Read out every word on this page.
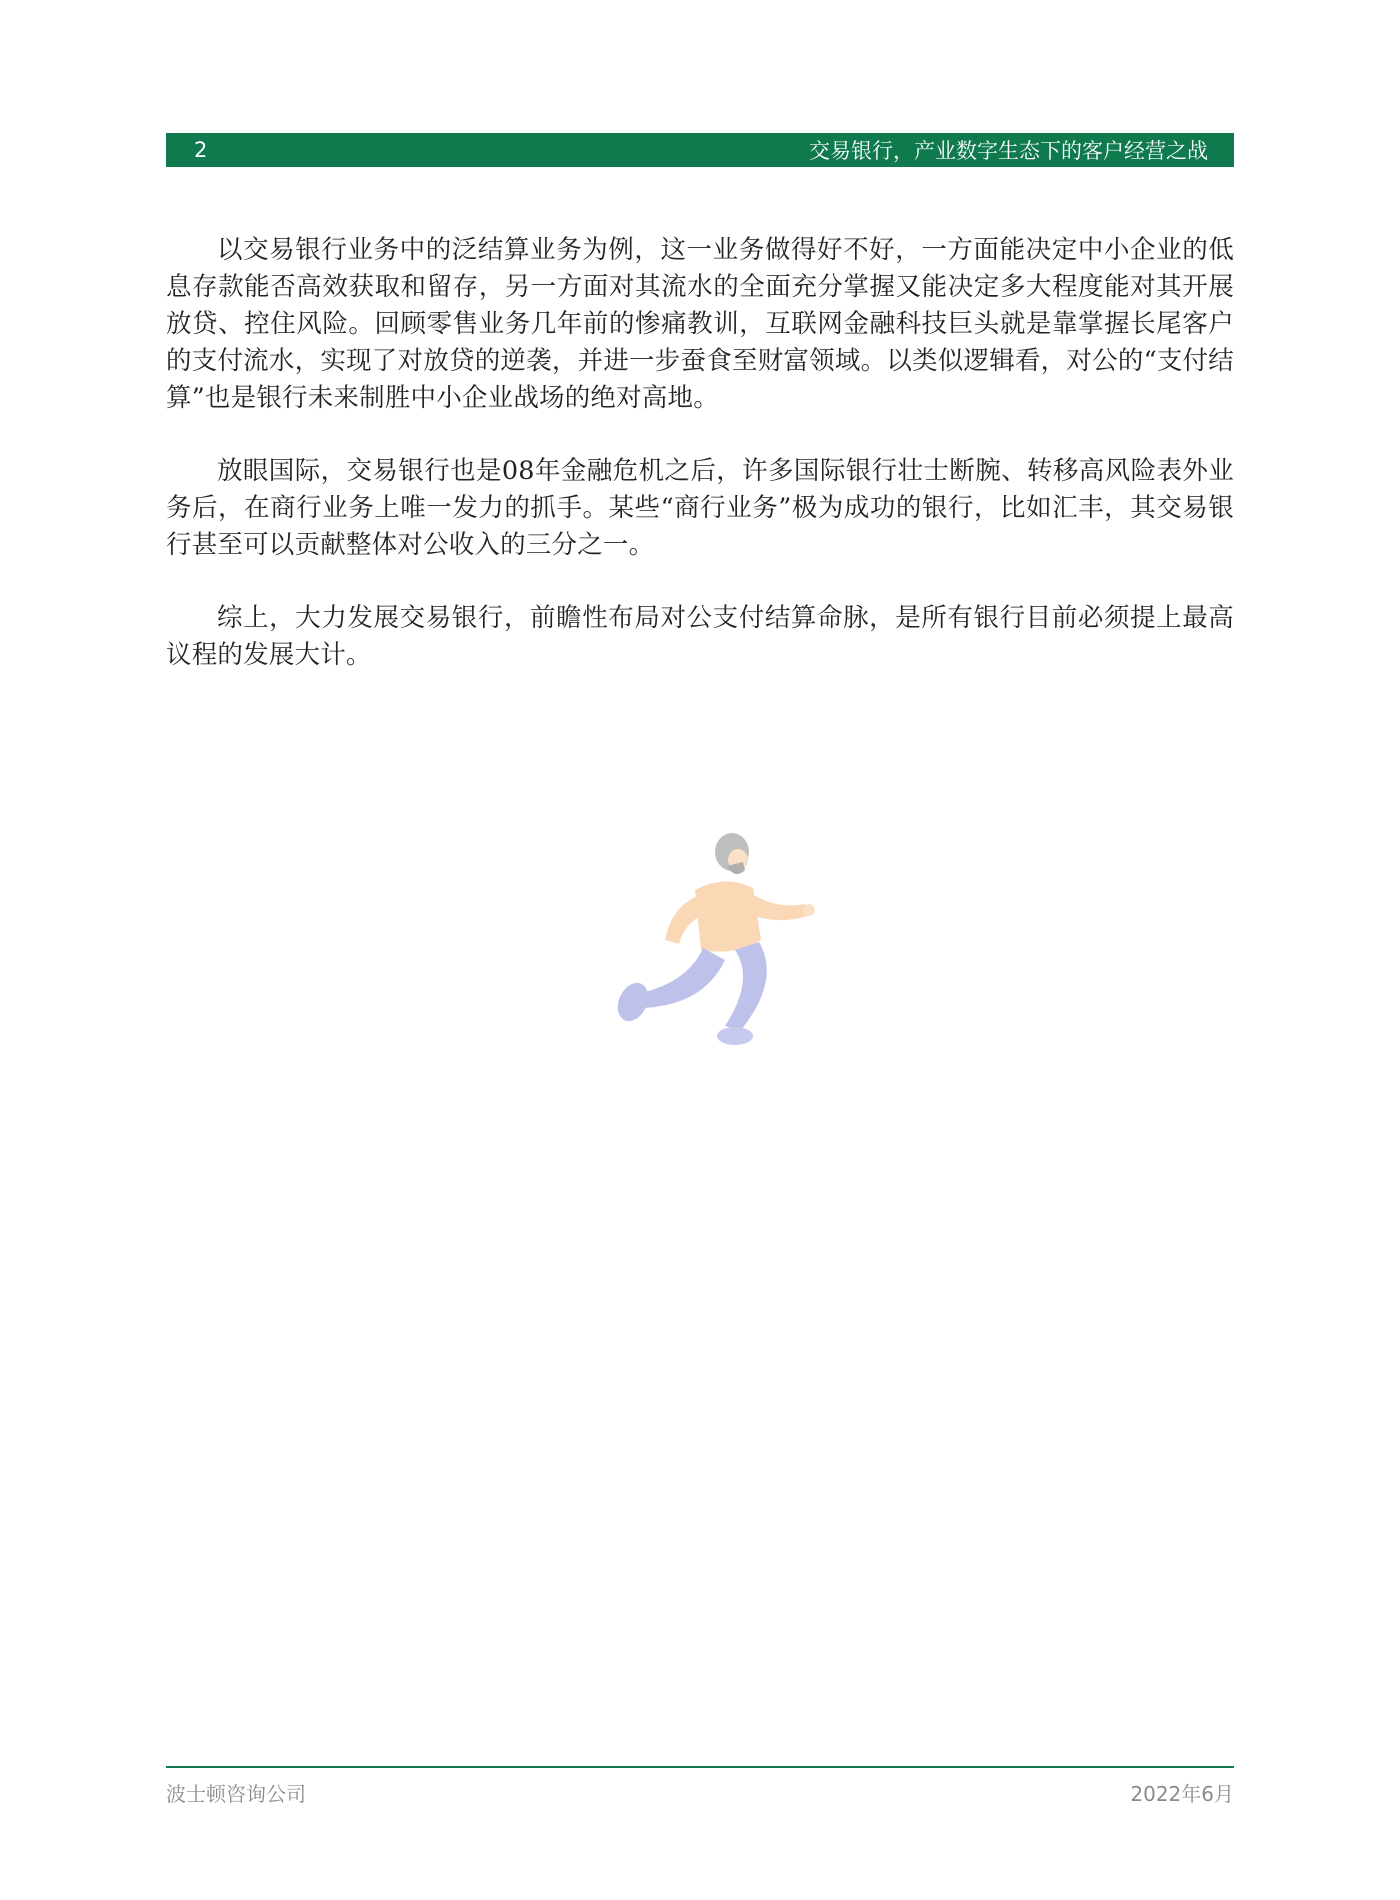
2	交易银行，产业数字生态下的客户经营之战

以交易银行业务中的泛结算业务为例，这一业务做得好不好，一方面能决定中小企业的低息存款能否高效获取和留存，另一方面对其流水的全面充分掌握又能决定多大程度能对其开展放贷、控住风险。回顾零售业务几年前的惨痛教训，互联网金融科技巨头就是靠掌握长尾客户的支付流水，实现了对放贷的逆袭，并进一步蚕食至财富领域。以类似逻辑看，对公的“支付结算”也是银行未来制胜中小企业战场的绝对高地。

放眼国际，交易银行也是08年金融危机之后，许多国际银行壮士断腕、转移高风险表外业务后，在商行业务上唯一发力的抓手。某些“商行业务”极为成功的银行，比如汇丰，其交易银行甚至可以贡献整体对公收入的三分之一。

综上，大力发展交易银行，前瞻性布局对公支付结算命脉，是所有银行目前必须提上最高议程的发展大计。

波士顿咨询公司	2022年6月
